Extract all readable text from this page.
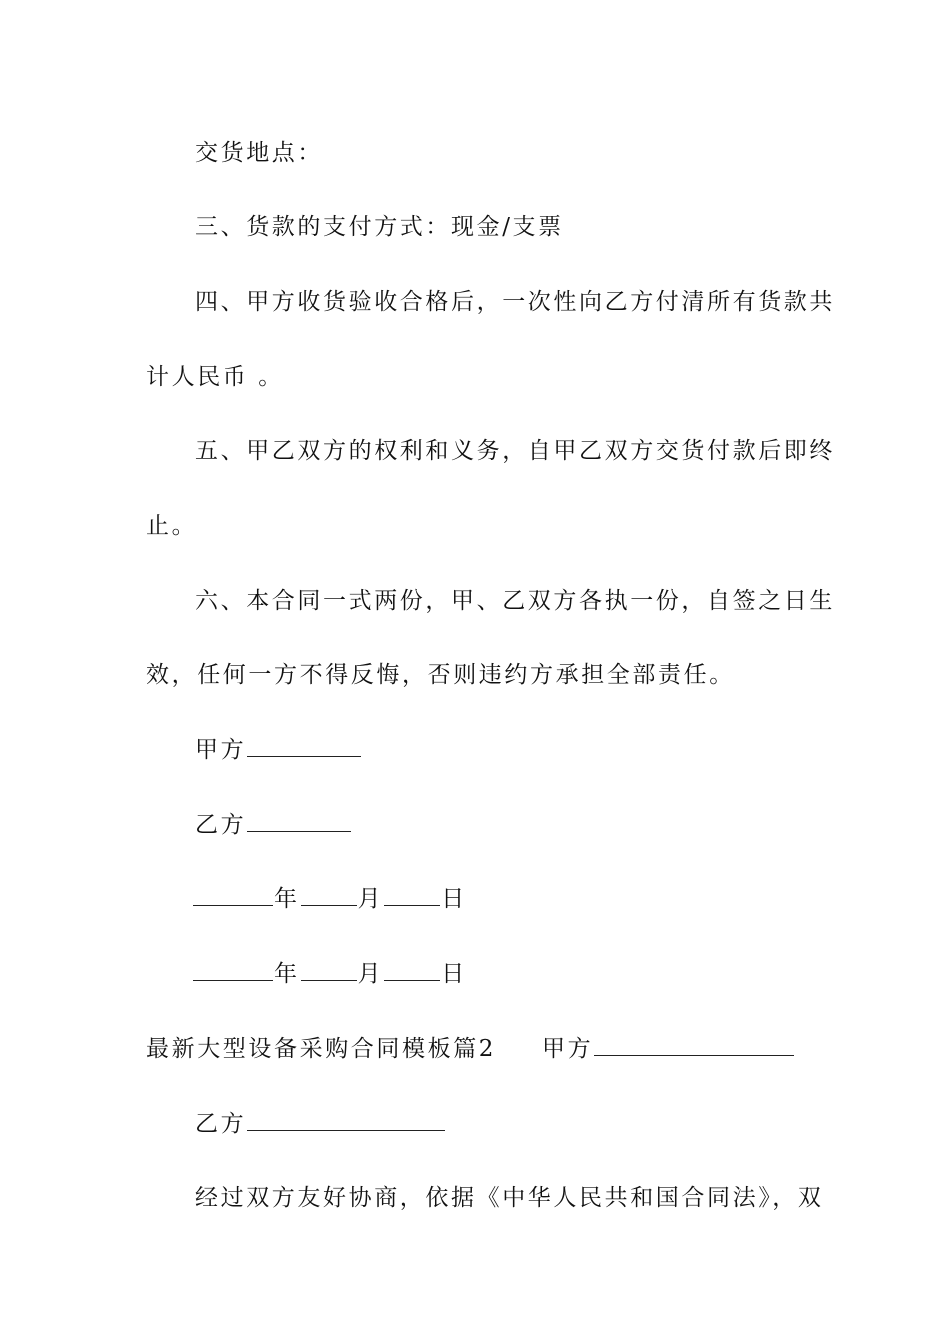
交货地点：
三、货款的支付方式：现金/支票
四、甲方收货验收合格后，一次性向乙方付清所有货款共
计人民币 。
五、甲乙双方的权利和义务，自甲乙双方交货付款后即终
止。
六、本合同一式两份，甲、乙双方各执一份，自签之日生
效，任何一方不得反悔，否则违约方承担全部责任。
甲方
乙方
年	月	日
年	月	日
最新大型设备采购合同模板篇2 甲方
乙方
经过双方友好协商，依据《中华人民共和国合同法》，双
